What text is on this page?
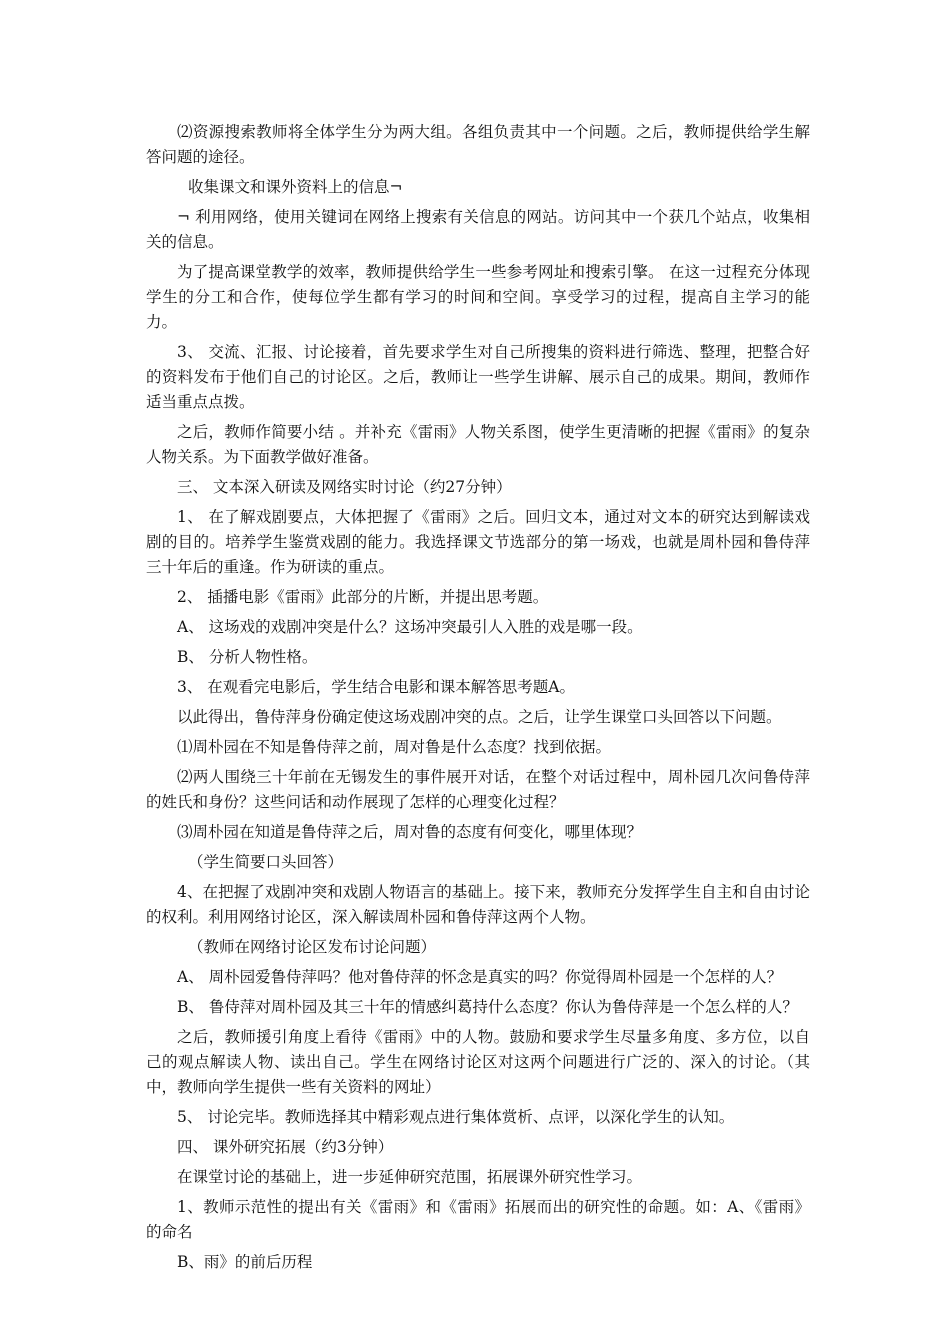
⑵资源搜索教师将全体学生分为两大组。各组负责其中一个问题。之后，教师提供给学生解答问题的途径。

收集课文和课外资料上的信息¬

¬ 利用网络，使用关键词在网络上搜索有关信息的网站。访问其中一个获几个站点，收集相关的信息。

为了提高课堂教学的效率，教师提供给学生一些参考网址和搜索引擎。 在这一过程充分体现学生的分工和合作，使每位学生都有学习的时间和空间。享受学习的过程，提高自主学习的能力。

3、 交流、汇报、讨论接着，首先要求学生对自己所搜集的资料进行筛选、整理，把整合好的资料发布于他们自己的讨论区。之后，教师让一些学生讲解、展示自己的成果。期间，教师作适当重点点拨。

之后，教师作简要小结 。并补充《雷雨》人物关系图，使学生更清晰的把握《雷雨》的复杂人物关系。为下面教学做好准备。

三、 文本深入研读及网络实时讨论（约27分钟）

1、 在了解戏剧要点，大体把握了《雷雨》之后。回归文本，通过对文本的研究达到解读戏剧的目的。培养学生鉴赏戏剧的能力。我选择课文节选部分的第一场戏，也就是周朴园和鲁侍萍三十年后的重逢。作为研读的重点。

2、 插播电影《雷雨》此部分的片断，并提出思考题。

A、 这场戏的戏剧冲突是什么？这场冲突最引人入胜的戏是哪一段。

B、 分析人物性格。

3、 在观看完电影后，学生结合电影和课本解答思考题A。

以此得出，鲁侍萍身份确定使这场戏剧冲突的点。之后，让学生课堂口头回答以下问题。

⑴周朴园在不知是鲁侍萍之前，周对鲁是什么态度？找到依据。

⑵两人围绕三十年前在无锡发生的事件展开对话，在整个对话过程中，周朴园几次问鲁侍萍的姓氏和身份？这些问话和动作展现了怎样的心理变化过程？

⑶周朴园在知道是鲁侍萍之后，周对鲁的态度有何变化，哪里体现？

（学生简要口头回答）

4、在把握了戏剧冲突和戏剧人物语言的基础上。接下来，教师充分发挥学生自主和自由讨论的权利。利用网络讨论区，深入解读周朴园和鲁侍萍这两个人物。

（教师在网络讨论区发布讨论问题）

A、 周朴园爱鲁侍萍吗？他对鲁侍萍的怀念是真实的吗？你觉得周朴园是一个怎样的人？

B、 鲁侍萍对周朴园及其三十年的情感纠葛持什么态度？你认为鲁侍萍是一个怎么样的人？

之后，教师援引角度上看待《雷雨》中的人物。鼓励和要求学生尽量多角度、多方位，以自己的观点解读人物、读出自己。学生在网络讨论区对这两个问题进行广泛的、深入的讨论。（其中，教师向学生提供一些有关资料的网址）

5、 讨论完毕。教师选择其中精彩观点进行集体赏析、点评，以深化学生的认知。

四、 课外研究拓展（约3分钟）

在课堂讨论的基础上，进一步延伸研究范围，拓展课外研究性学习。

1、教师示范性的提出有关《雷雨》和《雷雨》拓展而出的研究性的命题。如：A、《雷雨》的命名

B、雨》的前后历程
